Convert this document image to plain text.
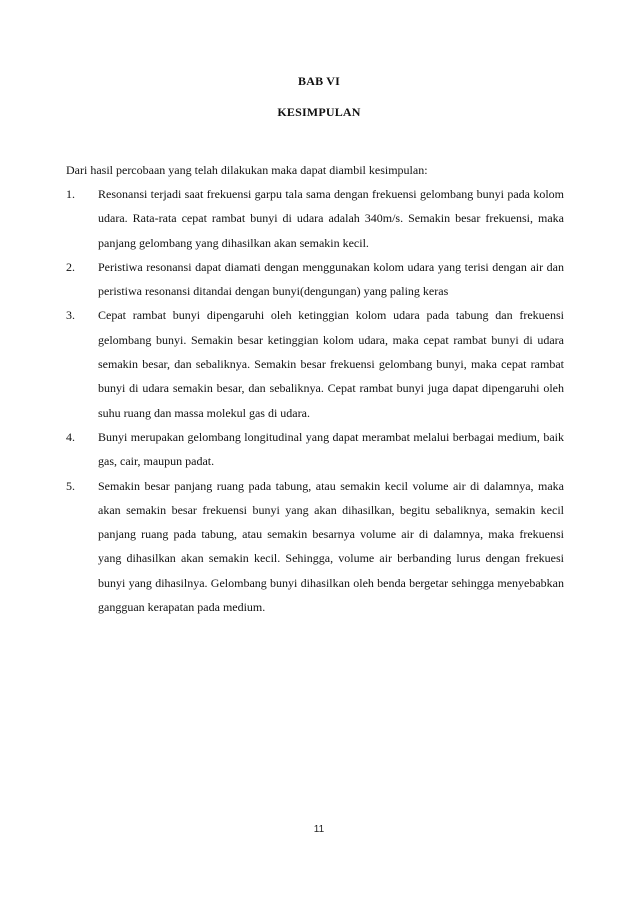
BAB VI
KESIMPULAN
Dari hasil percobaan yang telah dilakukan maka dapat diambil kesimpulan:
1. Resonansi terjadi saat frekuensi garpu tala sama dengan frekuensi gelombang bunyi pada kolom udara. Rata-rata cepat rambat bunyi di udara adalah 340m/s. Semakin besar frekuensi, maka panjang gelombang yang dihasilkan akan semakin kecil.
2. Peristiwa resonansi dapat diamati dengan menggunakan kolom udara yang terisi dengan air dan peristiwa resonansi ditandai dengan bunyi(dengungan) yang paling keras
3. Cepat rambat bunyi dipengaruhi oleh ketinggian kolom udara pada tabung dan frekuensi gelombang bunyi. Semakin besar ketinggian kolom udara, maka cepat rambat bunyi di udara semakin besar, dan sebaliknya. Semakin besar frekuensi gelombang bunyi, maka cepat rambat bunyi di udara semakin besar, dan sebaliknya. Cepat rambat bunyi juga dapat dipengaruhi oleh suhu ruang dan massa molekul gas di udara.
4. Bunyi merupakan gelombang longitudinal yang dapat merambat melalui berbagai medium, baik gas, cair, maupun padat.
5. Semakin besar panjang ruang pada tabung, atau semakin kecil volume air di dalamnya, maka akan semakin besar frekuensi bunyi yang akan dihasilkan, begitu sebaliknya, semakin kecil panjang ruang pada tabung, atau semakin besarnya volume air di dalamnya, maka frekuensi yang dihasilkan akan semakin kecil. Sehingga, volume air berbanding lurus dengan frekuesi bunyi yang dihasilnya. Gelombang bunyi dihasilkan oleh benda bergetar sehingga menyebabkan gangguan kerapatan pada medium.
11
